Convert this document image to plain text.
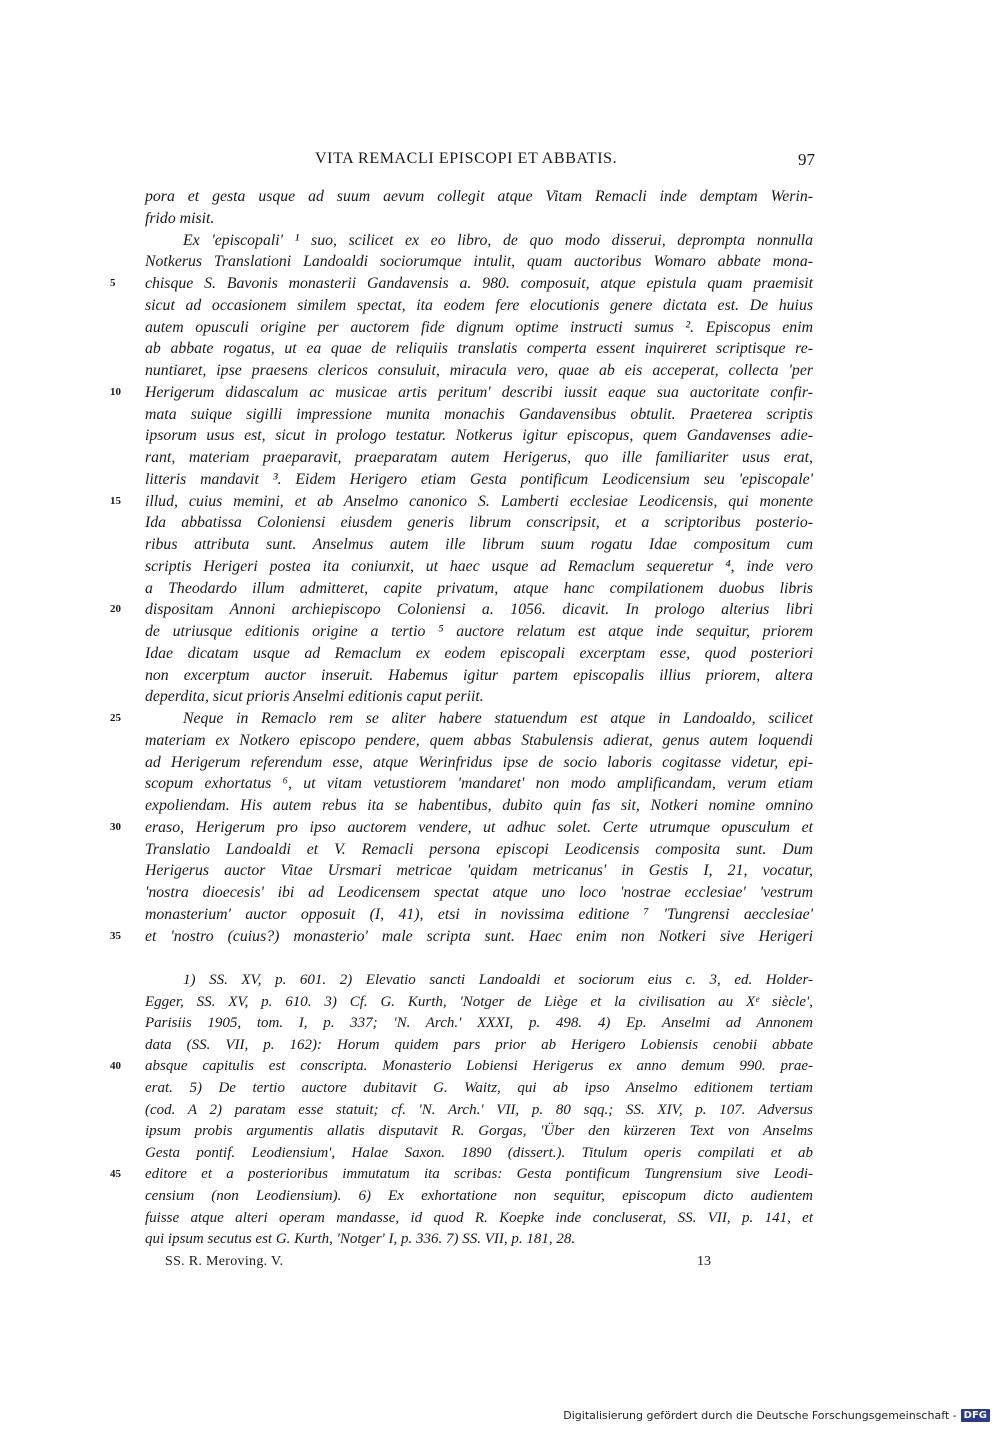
VITA REMACLI EPISCOPI ET ABBATIS.	97
pora et gesta usque ad suum aevum collegit atque Vitam Remacli inde demptam Werin-
frido misit.
Ex 'episcopali' ¹ suo, scilicet ex eo libro, de quo modo disserui, deprompta nonnulla
Notkerus Translationi Landoaldi sociorumque intulit, quam auctoribus Womaro abbate mona-
5 chisque S. Bavonis monasterii Gandavensis a. 980. composuit, atque epistula quam praemisit
sicut ad occasionem similem spectat, ita eodem fere elocutionis genere dictata est. De huius
autem opusculi origine per auctorem fide dignum optime instructi sumus ². Episcopus enim
ab abbate rogatus, ut ea quae de reliquiis translatis comperta essent inquireret scriptisque re-
nuntiaret, ipse praesens clericos consuluit, miracula vero, quae ab eis acceperat, collecta 'per
10 Herigerum didascalum ac musicae artis peritum' describi iussit eaque sua auctoritate confir-
mata suique sigilli impressione munita monachis Gandavensibus obtulit. Praeterea scriptis
ipsorum usus est, sicut in prologo testatur. Notkerus igitur episcopus, quem Gandavenses adie-
rant, materiam praeparavit, praeparatam autem Herigerus, quo ille familiariter usus erat,
litteris mandavit ³. Eidem Herigero etiam Gesta pontificum Leodicensium seu 'episcopale'
15 illud, cuius memini, et ab Anselmo canonico S. Lamberti ecclesiae Leodicensis, qui monente
Ida abbatissa Coloniensi eiusdem generis librum conscripsit, et a scriptoribus posterio-
ribus attributa sunt. Anselmus autem ille librum suum rogatu Idae compositum cum
scriptis Herigeri postea ita coniunxit, ut haec usque ad Remaclum sequeretur ⁴, inde vero
a Theodardo illum admitteret, capite privatum, atque hanc compilationem duobus libris
20 dispositam Annoni archiepiscopo Coloniensi a. 1056. dicavit. In prologo alterius libri
de utriusque editionis origine a tertio ⁵ auctore relatum est atque inde sequitur, priorem
Idae dicatam usque ad Remaclum ex eodem episcopali excerptam esse, quod posteriori
non excerptum auctor inseruit. Habemus igitur partem episcopalis illius priorem, altera
deperdita, sicut prioris Anselmi editionis caput periit.
25	Neque in Remaclo rem se aliter habere statuendum est atque in Landoaldo, scilicet
materiam ex Notkero episcopo pendere, quem abbas Stabulensis adierat, genus autem loquendi
ad Herigerum referendum esse, atque Werinfridus ipse de socio laboris cogitasse videtur, epi-
scopum exhortatus ⁶, ut vitam vetustiorem 'mandaret' non modo amplificandam, verum etiam
expoliendam. His autem rebus ita se habentibus, dubito quin fas sit, Notkeri nomine omnino
30 eraso, Herigerum pro ipso auctorem vendere, ut adhuc solet. Certe utrumque opusculum et
Translatio Landoaldi et V. Remacli persona episcopi Leodicensis composita sunt. Dum
Herigerus auctor Vitae Ursmari metricae 'quidam metricanus' in Gestis I, 21, vocatur,
'nostra dioecesis' ibi ad Leodicensem spectat atque uno loco 'nostrae ecclesiae' 'vestrum
monasterium' auctor opposuit (I, 41), etsi in novissima editione ⁷ 'Tungrensi aecclesiae'
35 et 'nostro (cuius?) monasterio' male scripta sunt. Haec enim non Notkeri sive Herigeri
1) SS. XV, p. 601. 2) Elevatio sancti Landoaldi et sociorum eius c. 3, ed. Holder-
Egger, SS. XV, p. 610. 3) Cf. G. Kurth, 'Notger de Liège et la civilisation au Xᵉ siècle',
Parisiis 1905, tom. I, p. 337; 'N. Arch.' XXXI, p. 498. 4) Ep. Anselmi ad Annonem
data (SS. VII, p. 162): Horum quidem pars prior ab Herigero Lobiensis cenobii abbate
40 absque capitulis est conscripta. Monasterio Lobiensi Herigerus ex anno demum 990. prae-
erat. 5) De tertio auctore dubitavit G. Waitz, qui ab ipso Anselmo editionem tertiam
(cod. A 2) paratam esse statuit; cf. 'N. Arch.' VII, p. 80 sqq.; SS. XIV, p. 107. Adversus
ipsum probis argumentis allatis disputavit R. Gorgas, 'Über den kürzeren Text von Anselms
Gesta pontif. Leodiensium', Halae Saxon. 1890 (dissert.). Titulum operis compilati et ab
45 editore et a posterioribus immutatum ita scribas: Gesta pontificum Tungrensium sive Leodi-
censium (non Leodiensium). 6) Ex exhortatione non sequitur, episcopum dicto audientem
fuisse atque alteri operam mandasse, id quod R. Koepke inde concluserat, SS. VII, p. 141, et
qui ipsum secutus est G. Kurth, 'Notger' I, p. 336. 7) SS. VII, p. 181, 28.
SS. R. Meroving. V.	13
Digitalisierung gefördert durch die Deutsche Forschungsgemeinschaft - DFG
